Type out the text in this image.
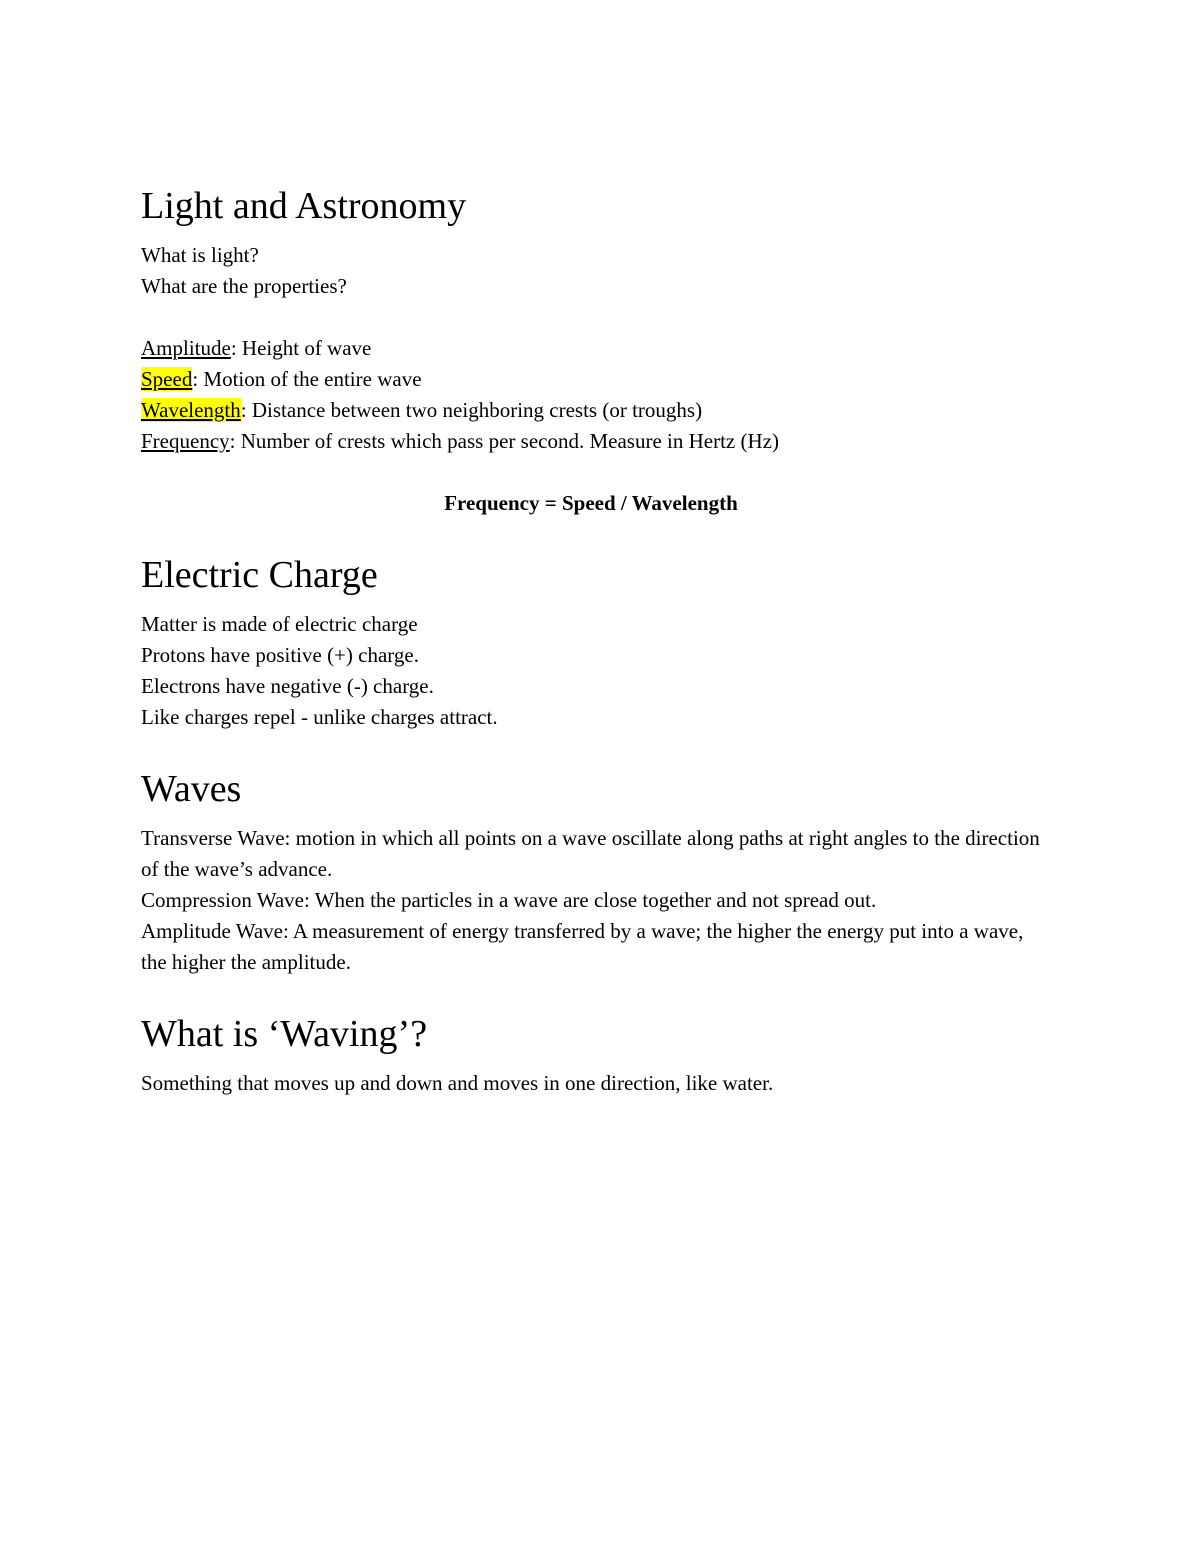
Light and Astronomy

What is light?

What are the properties?

Amplitude: Height of wave

Speed: Motion of the entire wave

Wavelength: Distance between two neighboring crests (or troughs)

Frequency: Number of crests which pass per second. Measure in Hertz (Hz)

Frequency = Speed / Wavelength

Electric Charge

Matter is made of electric charge

Protons have positive (+) charge.

Electrons have negative (-) charge.

Like charges repel - unlike charges attract.

Waves

Transverse Wave: motion in which all points on a wave oscillate along paths at right angles to the direction of the wave’s advance.

Compression Wave: When the particles in a wave are close together and not spread out.

Amplitude Wave: A measurement of energy transferred by a wave; the higher the energy put into a wave, the higher the amplitude.

What is ‘Waving’?

Something that moves up and down and moves in one direction, like water.
